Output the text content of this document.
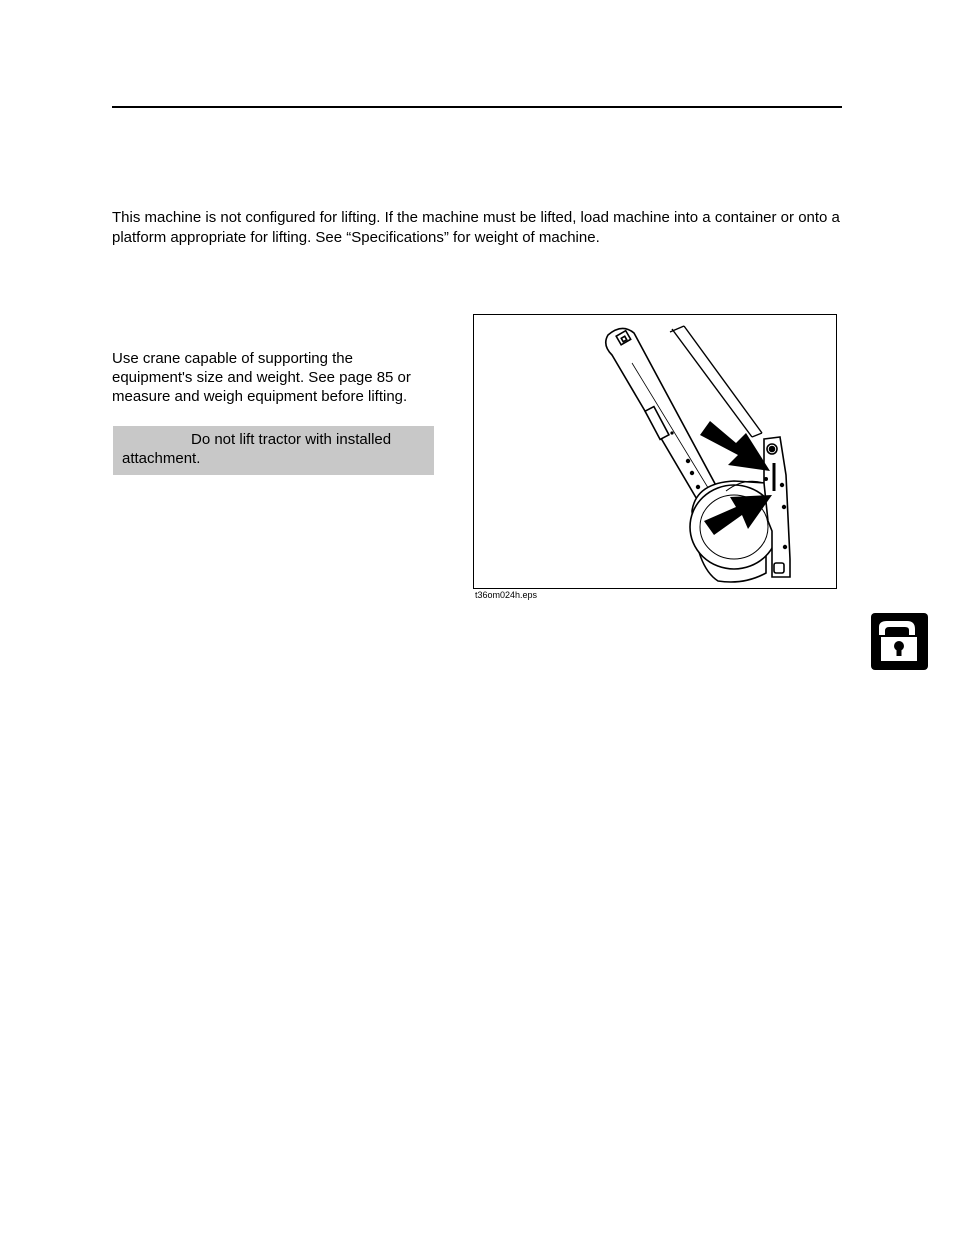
This machine is not configured for lifting. If the machine must be lifted, load machine into a container or onto a platform appropriate for lifting. See “Specifications” for weight of machine.

Use crane capable of supporting the equipment's size and weight. See page 85 or measure and weigh equipment before lifting.

Do not lift tractor with installed attachment.
t36om024h.eps
